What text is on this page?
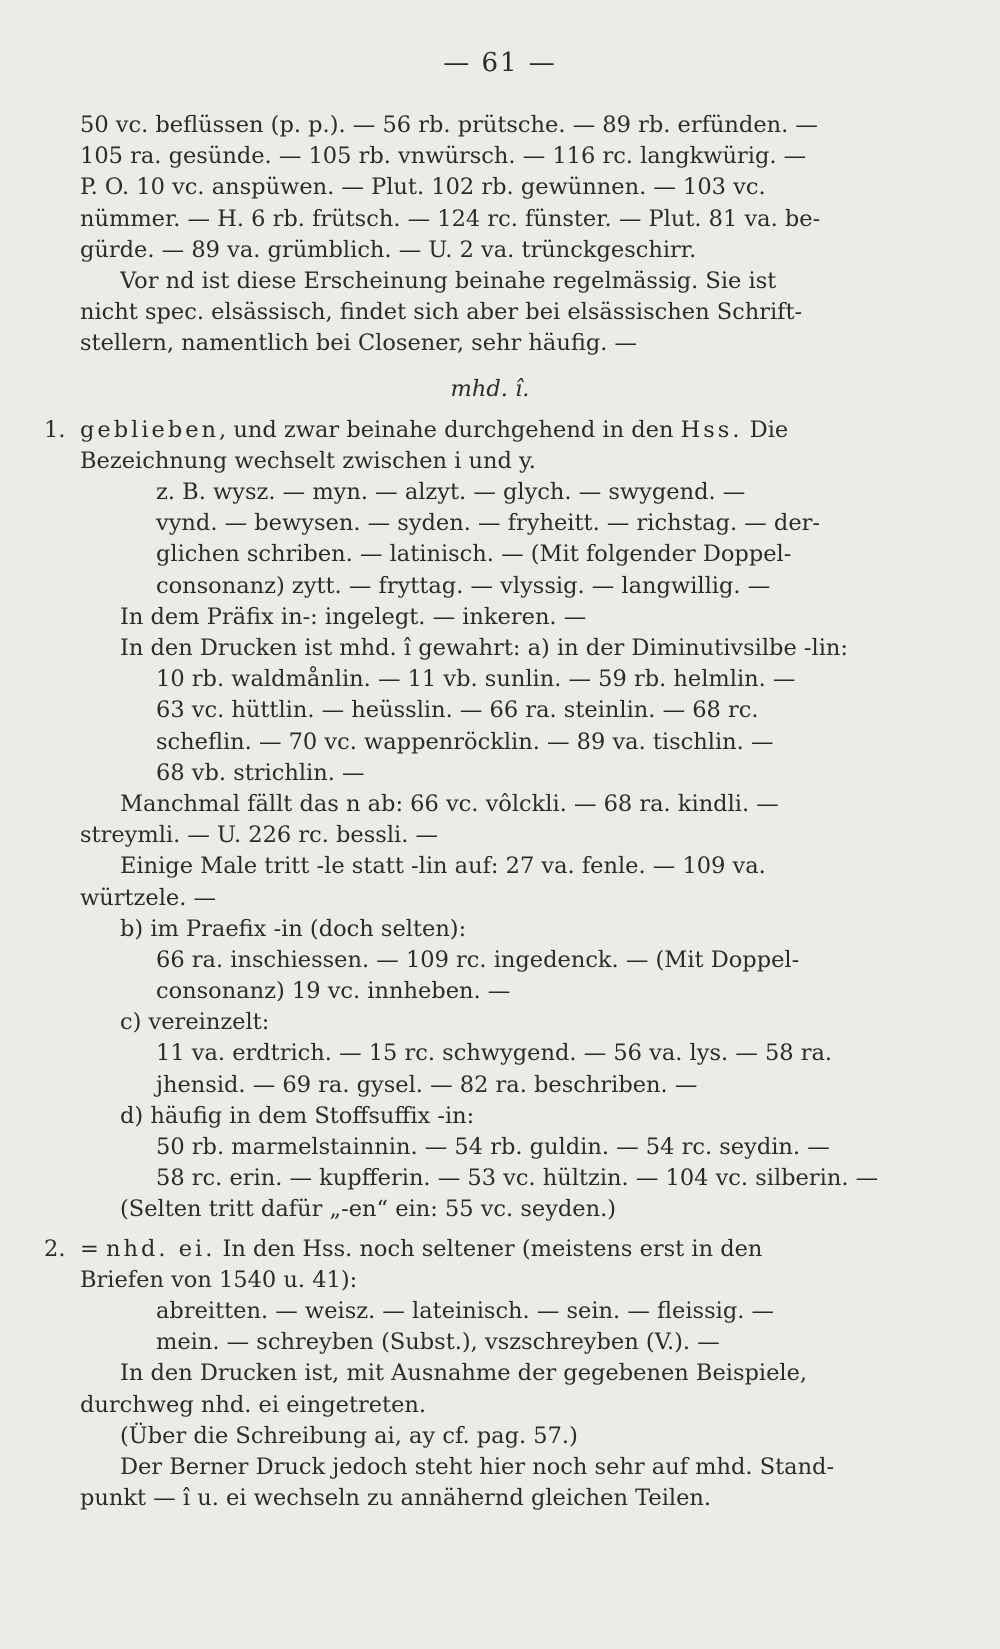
— 61 —
50 vc. beflüssen (p. p.). — 56 rb. prütsche. — 89 rb. erfünden. —
105 ra. gesünde. — 105 rb. vnwürsch. — 116 rc. langkwürig. —
P. O. 10 vc. anspüwen. — Plut. 102 rb. gewünnen. — 103 vc.
nümmer. — H. 6 rb. frütsch. — 124 rc. fünster. — Plut. 81 va. be-
gürde. — 89 va. grümblich. — U. 2 va. trünckgeschirr.
Vor nd ist diese Erscheinung beinahe regelmässig. Sie ist
nicht spec. elsässisch, findet sich aber bei elsässischen Schrift-
stellern, namentlich bei Closener, sehr häufig. —
mhd. î.
1. geblieben, und zwar beinahe durchgehend in den Hss. Die
Bezeichnung wechselt zwischen i und y.
z. B. wysz. — myn. — alzyt. — glych. — swygend. —
vynd. — bewysen. — syden. — fryheitt. — richstag. — der-
glichen schriben. — latinisch. — (Mit folgender Doppel-
consonanz) zytt. — fryttag. — vlyssig. — langwillig. —
In dem Präfix in-: ingelegt. — inkeren. —
In den Drucken ist mhd. î gewahrt: a) in der Diminutivsilbe -lin:
10 rb. waldmånlin. — 11 vb. sunlin. — 59 rb. helmlin. —
63 vc. hüttlin. — heüsslin. — 66 ra. steinlin. — 68 rc.
scheflin. — 70 vc. wappenröcklin. — 89 va. tischlin. —
68 vb. strichlin. —
Manchmal fällt das n ab: 66 vc. vôlckli. — 68 ra. kindli. —
streymli. — U. 226 rc. bessli. —
Einige Male tritt -le statt -lin auf: 27 va. fenle. — 109 va.
würtzele. —
b) im Praefix -in (doch selten):
66 ra. inschiessen. — 109 rc. ingedenck. — (Mit Doppel-
consonanz) 19 vc. innheben. —
c) vereinzelt:
11 va. erdtrich. — 15 rc. schwygend. — 56 va. lys. — 58 ra.
jhensid. — 69 ra. gysel. — 82 ra. beschriben. —
d) häufig in dem Stoffsuffix -in:
50 rb. marmelstainnin. — 54 rb. guldin. — 54 rc. seydin. —
58 rc. erin. — kupfferin. — 53 vc. hültzin. — 104 vc. silberin. —
(Selten tritt dafür „-en“ ein: 55 vc. seyden.)
2. = nhd. ei. In den Hss. noch seltener (meistens erst in den
Briefen von 1540 u. 41):
abreitten. — weisz. — lateinisch. — sein. — fleissig. —
mein. — schreyben (Subst.), vszschreyben (V.). —
In den Drucken ist, mit Ausnahme der gegebenen Beispiele,
durchweg nhd. ei eingetreten.
(Über die Schreibung ai, ay cf. pag. 57.)
Der Berner Druck jedoch steht hier noch sehr auf mhd. Stand-
punkt — î u. ei wechseln zu annähernd gleichen Teilen.
